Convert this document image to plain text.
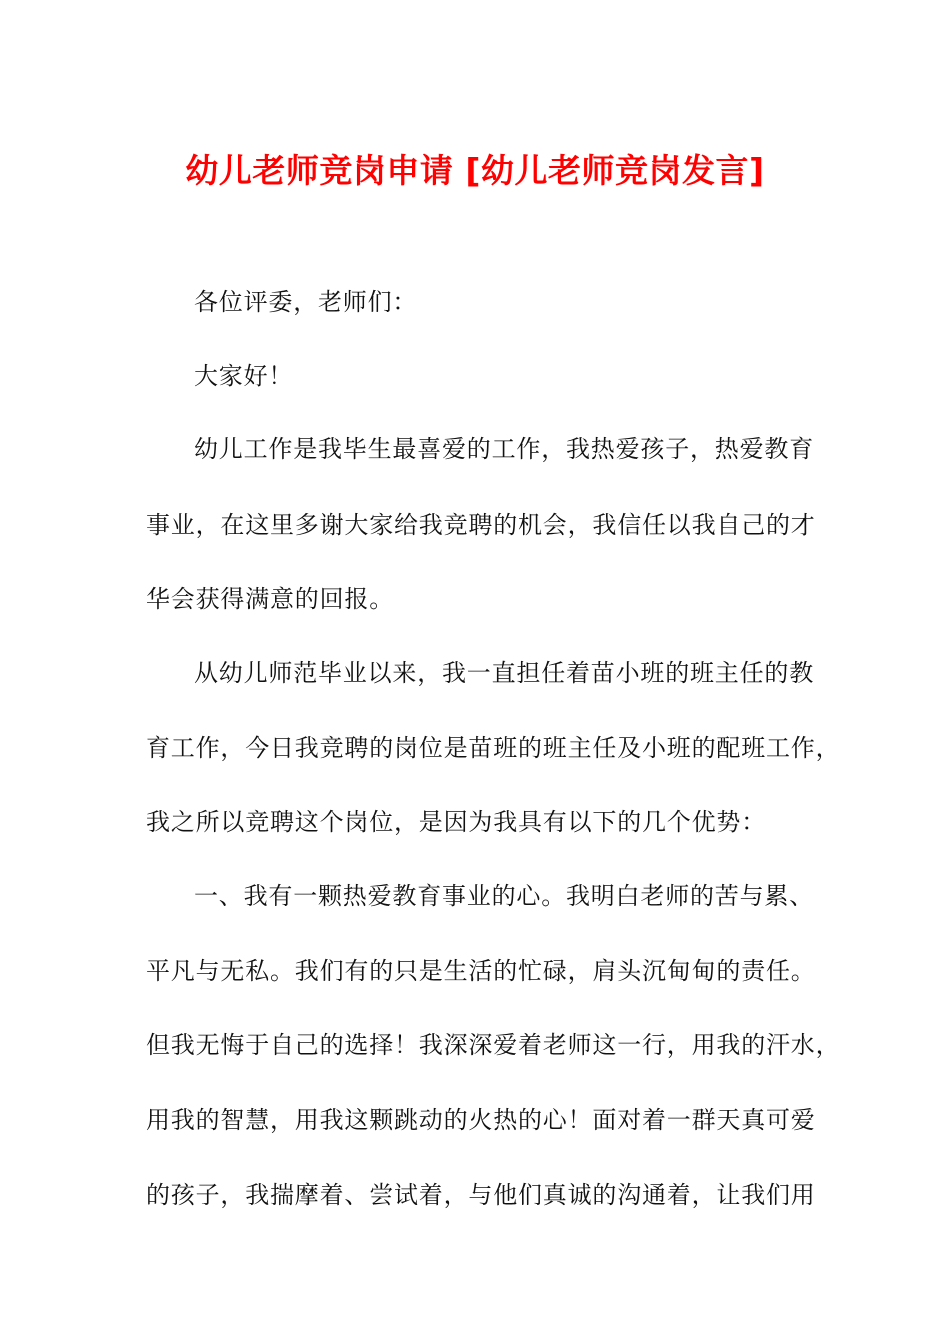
幼儿老师竞岗申请 [幼儿老师竞岗发言]
各位评委，老师们：
大家好！
幼儿工作是我毕生最喜爱的工作，我热爱孩子，热爱教育
事业，在这里多谢大家给我竞聘的机会，我信任以我自己的才
华会获得满意的回报。
从幼儿师范毕业以来，我一直担任着苗小班的班主任的教
育工作，今日我竞聘的岗位是苗班的班主任及小班的配班工作，
我之所以竞聘这个岗位，是因为我具有以下的几个优势：
一、我有一颗热爱教育事业的心。我明白老师的苦与累、
平凡与无私。我们有的只是生活的忙碌，肩头沉甸甸的责任。
但我无悔于自己的选择！我深深爱着老师这一行，用我的汗水，
用我的智慧，用我这颗跳动的火热的心！面对着一群天真可爱
的孩子，我揣摩着、尝试着，与他们真诚的沟通着，让我们用
